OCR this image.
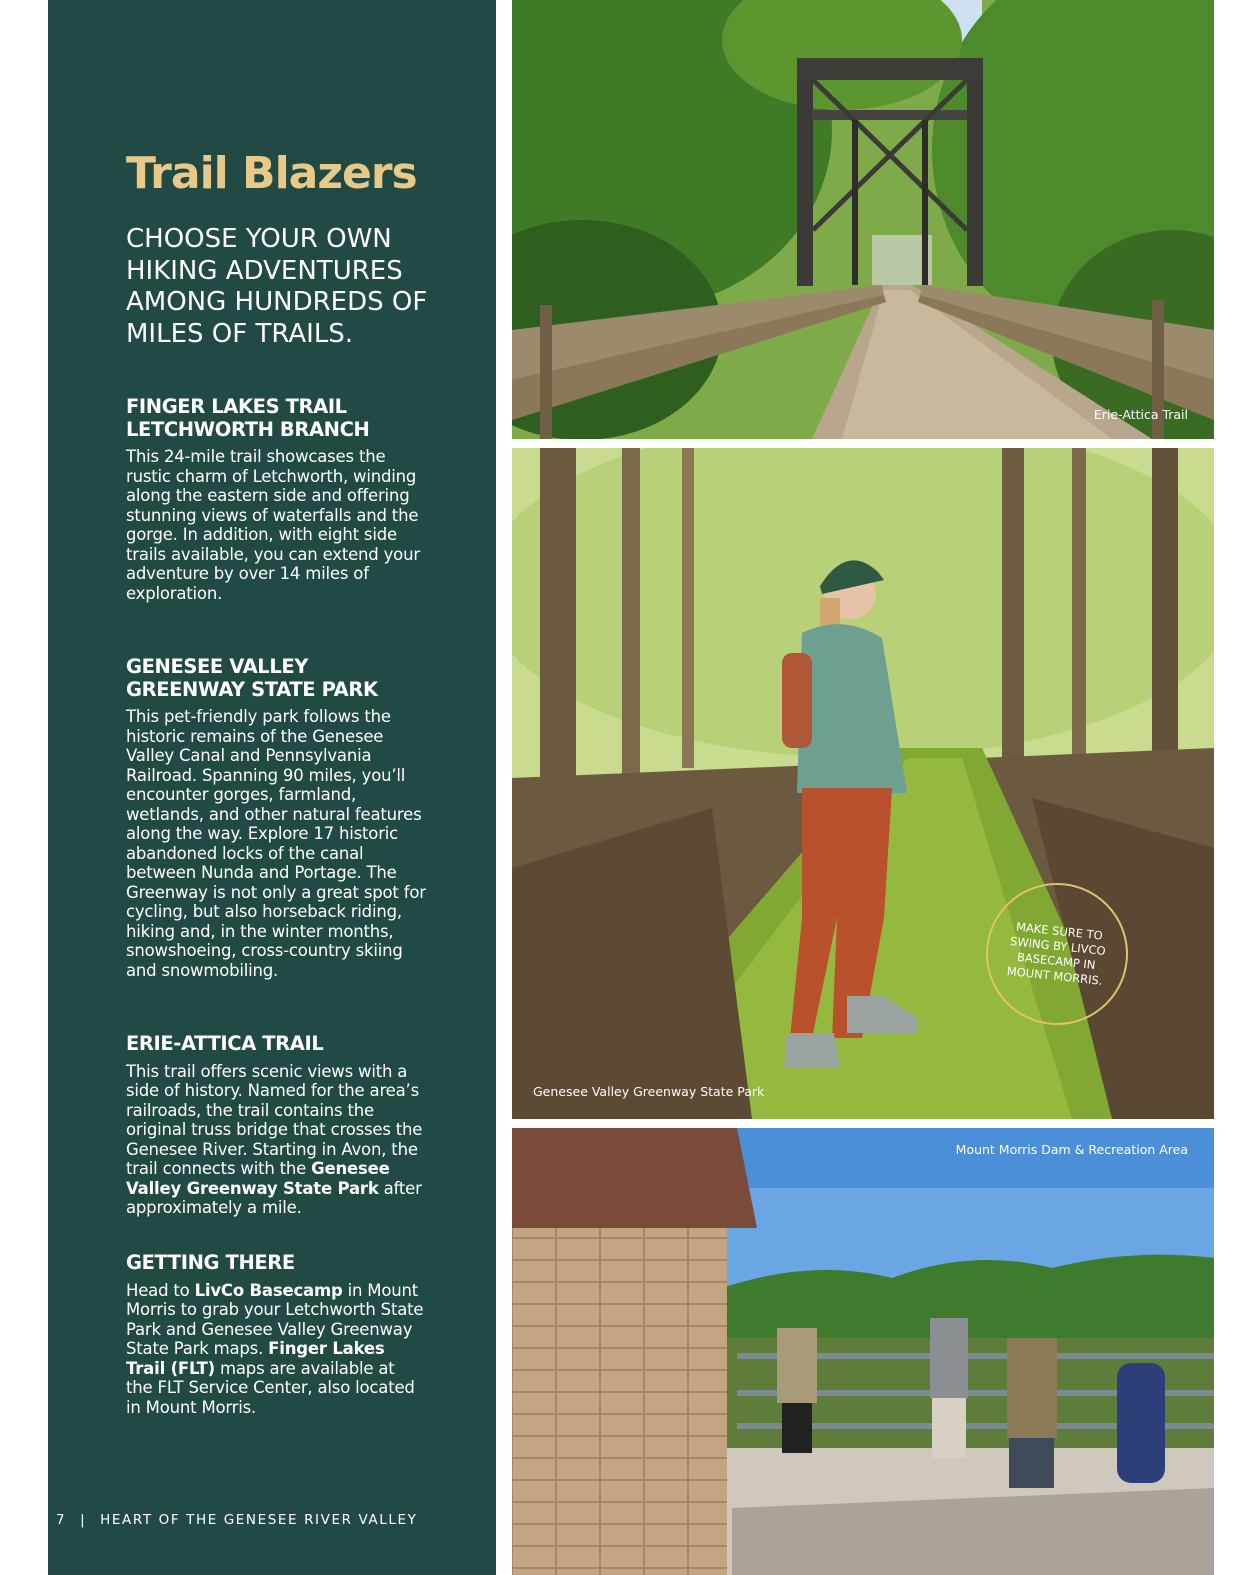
Trail Blazers
CHOOSE YOUR OWN HIKING ADVENTURES AMONG HUNDREDS OF MILES OF TRAILS.
FINGER LAKES TRAIL LETCHWORTH BRANCH

This 24-mile trail showcases the rustic charm of Letchworth, winding along the eastern side and offering stunning views of waterfalls and the gorge. In addition, with eight side trails available, you can extend your adventure by over 14 miles of exploration.

GENESEE VALLEY GREENWAY STATE PARK

This pet-friendly park follows the historic remains of the Genesee Valley Canal and Pennsylvania Railroad. Spanning 90 miles, you’ll encounter gorges, farmland, wetlands, and other natural features along the way. Explore 17 historic abandoned locks of the canal between Nunda and Portage. The Greenway is not only a great spot for cycling, but also horseback riding, hiking and, in the winter months, snowshoeing, cross-country skiing and snowmobiling.

ERIE-ATTICA TRAIL

This trail offers scenic views with a side of history. Named for the area’s railroads, the trail contains the original truss bridge that crosses the Genesee River. Starting in Avon, the trail connects with the Genesee Valley Greenway State Park after approximately a mile.

GETTING THERE

Head to LivCo Basecamp in Mount Morris to grab your Letchworth State Park and Genesee Valley Greenway State Park maps. Finger Lakes Trail (FLT) maps are available at the FLT Service Center, also located in Mount Morris.

7 | HEART OF THE GENESEE RIVER VALLEY
Erie-Attica Trail
Genesee Valley Greenway State Park
MAKE SURE TO SWING BY LIVCO BASECAMP IN MOUNT MORRIS.
Mount Morris Dam & Recreation Area
